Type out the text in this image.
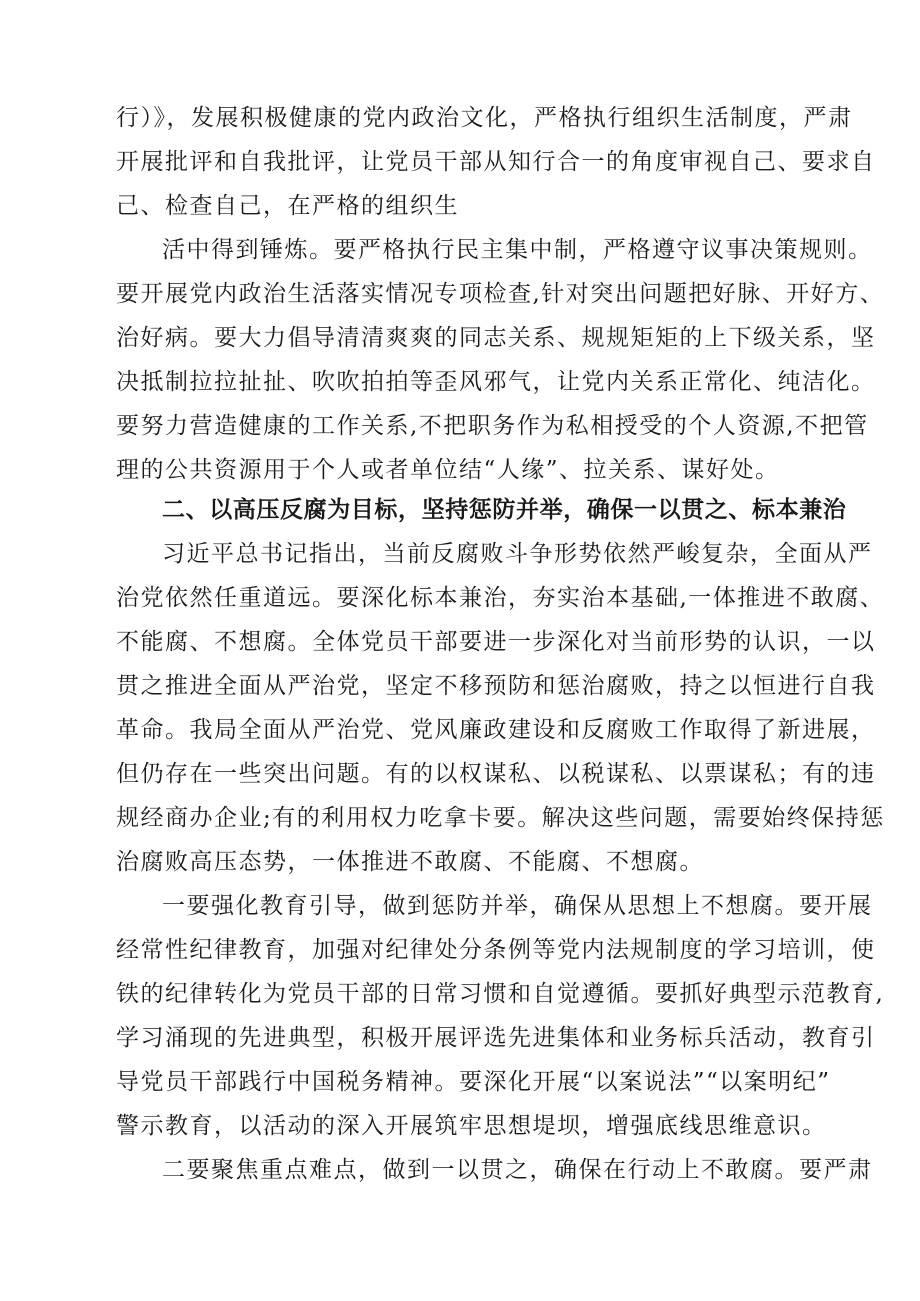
行）》，发展积极健康的党内政治文化，严格执行组织生活制度，严肃
开展批评和自我批评，让党员干部从知行合一的角度审视自己、要求自
己、检查自己，在严格的组织生
活中得到锤炼。要严格执行民主集中制，严格遵守议事决策规则。
要开展党内政治生活落实情况专项检查,针对突出问题把好脉、开好方、
治好病。要大力倡导清清爽爽的同志关系、规规矩矩的上下级关系，坚
决抵制拉拉扯扯、吹吹拍拍等歪风邪气，让党内关系正常化、纯洁化。
要努力营造健康的工作关系,不把职务作为私相授受的个人资源,不把管
理的公共资源用于个人或者单位结“人缘”、拉关系、谋好处。
二、以高压反腐为目标，坚持惩防并举，确保一以贯之、标本兼治
习近平总书记指出，当前反腐败斗争形势依然严峻复杂，全面从严
治党依然任重道远。要深化标本兼治，夯实治本基础,一体推进不敢腐、
不能腐、不想腐。全体党员干部要进一步深化对当前形势的认识，一以
贯之推进全面从严治党，坚定不移预防和惩治腐败，持之以恒进行自我
革命。我局全面从严治党、党风廉政建设和反腐败工作取得了新进展，
但仍存在一些突出问题。有的以权谋私、以税谋私、以票谋私；有的违
规经商办企业;有的利用权力吃拿卡要。解决这些问题，需要始终保持惩
治腐败高压态势，一体推进不敢腐、不能腐、不想腐。
一要强化教育引导，做到惩防并举，确保从思想上不想腐。要开展
经常性纪律教育，加强对纪律处分条例等党内法规制度的学习培训，使
铁的纪律转化为党员干部的日常习惯和自觉遵循。要抓好典型示范教育,
学习涌现的先进典型，积极开展评选先进集体和业务标兵活动，教育引
导党员干部践行中国税务精神。要深化开展“以案说法”“以案明纪”
警示教育，以活动的深入开展筑牢思想堤坝，增强底线思维意识。
二要聚焦重点难点，做到一以贯之，确保在行动上不敢腐。要严肃
